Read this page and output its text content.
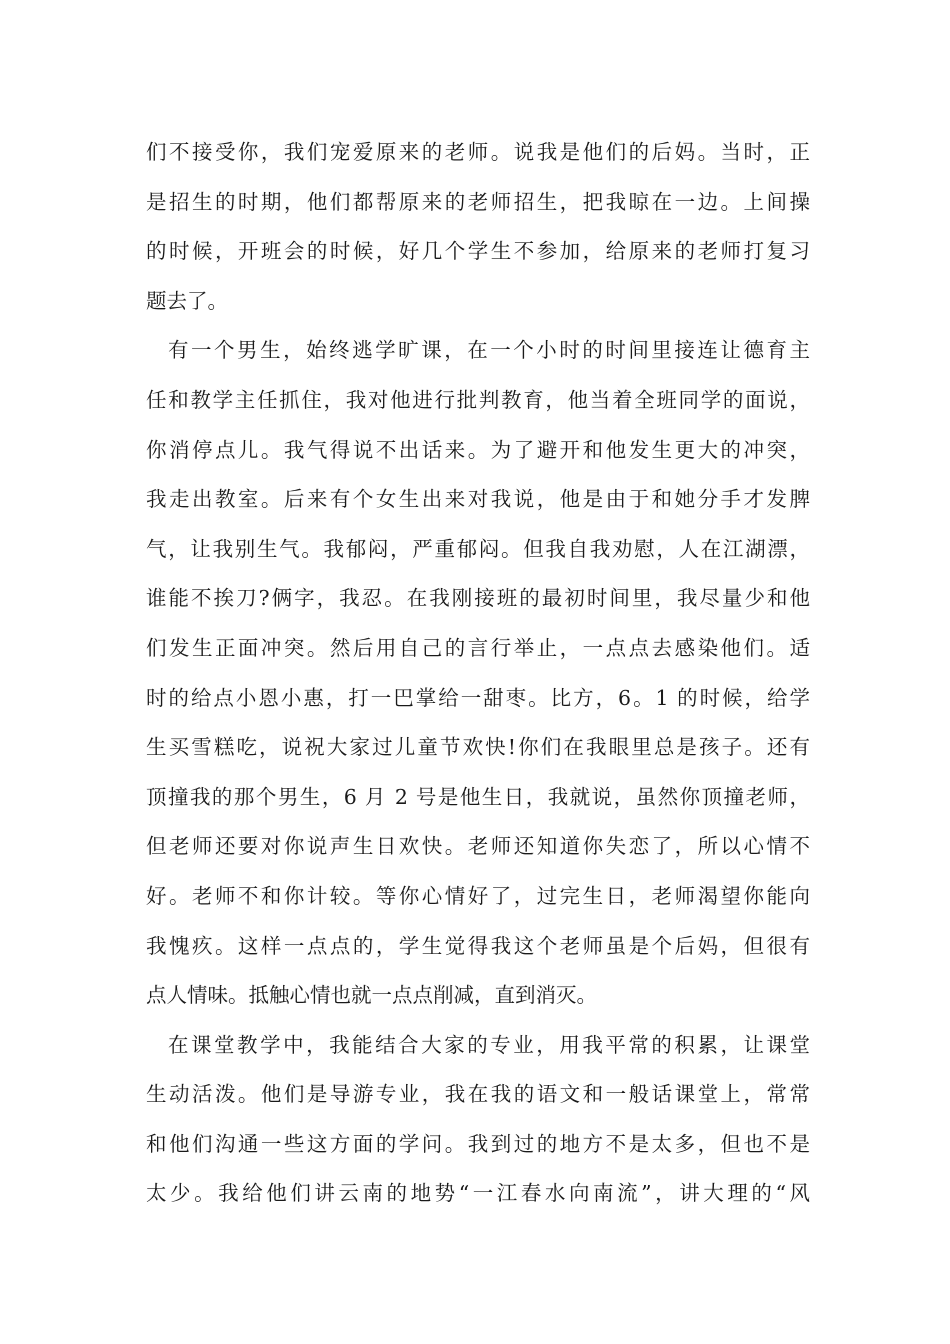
们不接受你，我们宠爱原来的老师。说我是他们的后妈。当时，正
是招生的时期，他们都帮原来的老师招生，把我晾在一边。上间操
的时候，开班会的时候，好几个学生不参加，给原来的老师打复习
题去了。
有一个男生，始终逃学旷课，在一个小时的时间里接连让德育主
任和教学主任抓住，我对他进行批判教育，他当着全班同学的面说，
你消停点儿。我气得说不出话来。为了避开和他发生更大的冲突，
我走出教室。后来有个女生出来对我说，他是由于和她分手才发脾
气，让我别生气。我郁闷，严重郁闷。但我自我劝慰，人在江湖漂，
谁能不挨刀?俩字，我忍。在我刚接班的最初时间里，我尽量少和他
们发生正面冲突。然后用自己的言行举止，一点点去感染他们。适
时的给点小恩小惠，打一巴掌给一甜枣。比方，6。1 的时候，给学
生买雪糕吃，说祝大家过儿童节欢快!你们在我眼里总是孩子。还有
顶撞我的那个男生，6 月 2 号是他生日，我就说，虽然你顶撞老师，
但老师还要对你说声生日欢快。老师还知道你失恋了，所以心情不
好。老师不和你计较。等你心情好了，过完生日，老师渴望你能向
我愧疚。这样一点点的，学生觉得我这个老师虽是个后妈，但很有
点人情味。抵触心情也就一点点削减，直到消灭。
在课堂教学中，我能结合大家的专业，用我平常的积累，让课堂
生动活泼。他们是导游专业，我在我的语文和一般话课堂上，常常
和他们沟通一些这方面的学问。我到过的地方不是太多，但也不是
太少。我给他们讲云南的地势“一江春水向南流”，讲大理的“风
